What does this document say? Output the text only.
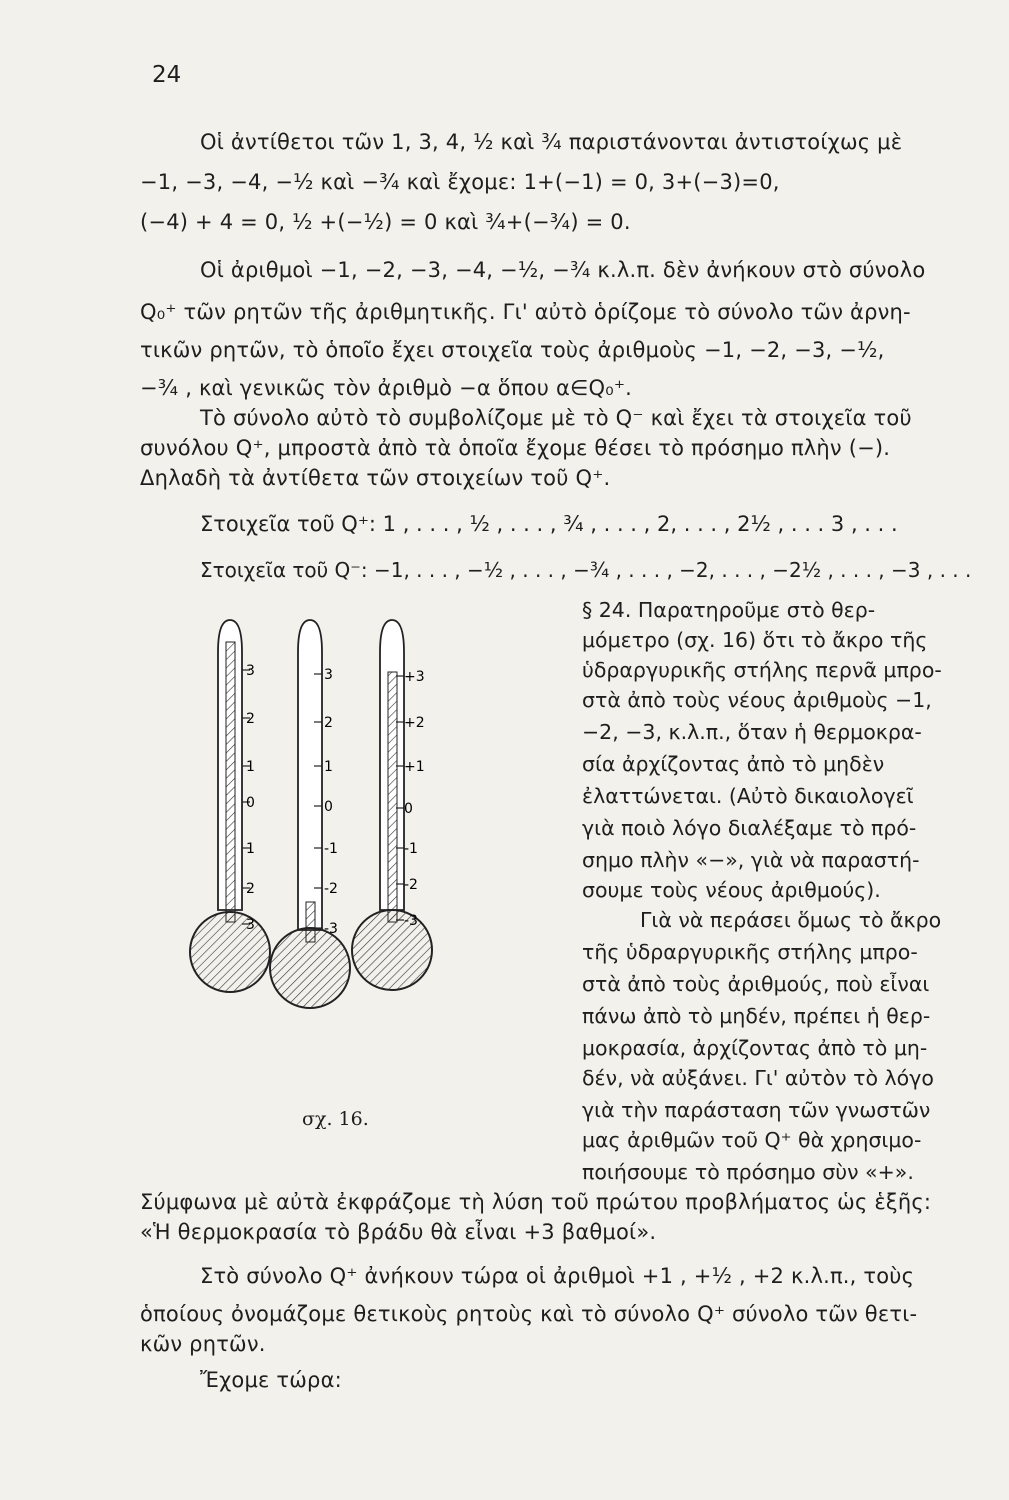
24
Οἱ ἀντίθετοι τῶν 1, 3, 4, ½ καὶ ¾ παριστάνονται ἀντιστοίχως μὲ
−1, −3, −4, −½ καὶ −¾ καὶ ἔχομε: 1+(−1) = 0, 3+(−3)=0,
(−4) + 4 = 0, ½ +(−½) = 0 καὶ ¾+(−¾) = 0.
Οἱ ἀριθμοὶ −1, −2, −3, −4, −½, −¾ κ.λ.π. δὲν ἀνήκουν στὸ σύνολο
Q₀⁺ τῶν ρητῶν τῆς ἀριθμητικῆς. Γι' αὐτὸ ὁρίζομε τὸ σύνολο τῶν ἀρνη-
τικῶν ρητῶν, τὸ ὁποῖο ἔχει στοιχεῖα τοὺς ἀριθμοὺς −1, −2, −3, −½,
−¾ , καὶ γενικῶς τὸν ἀριθμὸ −α ὅπου α∈Q₀⁺.
Τὸ σύνολο αὐτὸ τὸ συμβολίζομε μὲ τὸ Q⁻ καὶ ἔχει τὰ στοιχεῖα τοῦ
συνόλου Q⁺, μπροστὰ ἀπὸ τὰ ὁποῖα ἔχομε θέσει τὸ πρόσημο πλὴν (−).
Δηλαδὴ τὰ ἀντίθετα τῶν στοιχείων τοῦ Q⁺.
Στοιχεῖα τοῦ Q⁺: 1 , . . . , ½ , . . . , ¾ , . . . , 2, . . . , 2½ , . . . 3 , . . .
Στοιχεῖα τοῦ Q⁻: −1, . . . , −½ , . . . , −¾ , . . . , −2, . . . , −2½ , . . . , −3 , . . .
§ 24. Παρατηροῦμε στὸ θερ-
μόμετρο (σχ. 16) ὅτι τὸ ἄκρο τῆς
ὑδραργυρικῆς στήλης περνᾶ μπρο-
στὰ ἀπὸ τοὺς νέους ἀριθμοὺς −1,
−2, −3, κ.λ.π., ὅταν ἡ θερμοκρα-
σία ἀρχίζοντας ἀπὸ τὸ μηδὲν
ἐλαττώνεται. (Αὐτὸ δικαιολογεῖ
γιὰ ποιὸ λόγο διαλέξαμε τὸ πρό-
σημο πλὴν «−», γιὰ νὰ παραστή-
σουμε τοὺς νέους ἀριθμούς).
Γιὰ νὰ περάσει ὅμως τὸ ἄκρο
τῆς ὑδραργυρικῆς στήλης μπρο-
στὰ ἀπὸ τοὺς ἀριθμούς, ποὺ εἶναι
πάνω ἀπὸ τὸ μηδέν, πρέπει ἡ θερ-
μοκρασία, ἀρχίζοντας ἀπὸ τὸ μη-
δέν, νὰ αὐξάνει. Γι' αὐτὸν τὸ λόγο
γιὰ τὴν παράσταση τῶν γνωστῶν
μας ἀριθμῶν τοῦ Q⁺ θὰ χρησιμο-
ποιήσουμε τὸ πρόσημο σὺν «+».
3
2
1
0
1
2
3
3
2
1
0
-1
-2
-3
+3
+2
+1
0
-1
-2
-3
σχ. 16.
Σύμφωνα μὲ αὐτὰ ἐκφράζομε τὴ λύση τοῦ πρώτου προβλήματος ὡς ἑξῆς:
«Ἡ θερμοκρασία τὸ βράδυ θὰ εἶναι +3 βαθμοί».
Στὸ σύνολο Q⁺ ἀνήκουν τώρα οἱ ἀριθμοὶ +1 , +½ , +2 κ.λ.π., τοὺς
ὁποίους ὀνομάζομε θετικοὺς ρητοὺς καὶ τὸ σύνολο Q⁺ σύνολο τῶν θετι-
κῶν ρητῶν.
Ἔχομε τώρα:
